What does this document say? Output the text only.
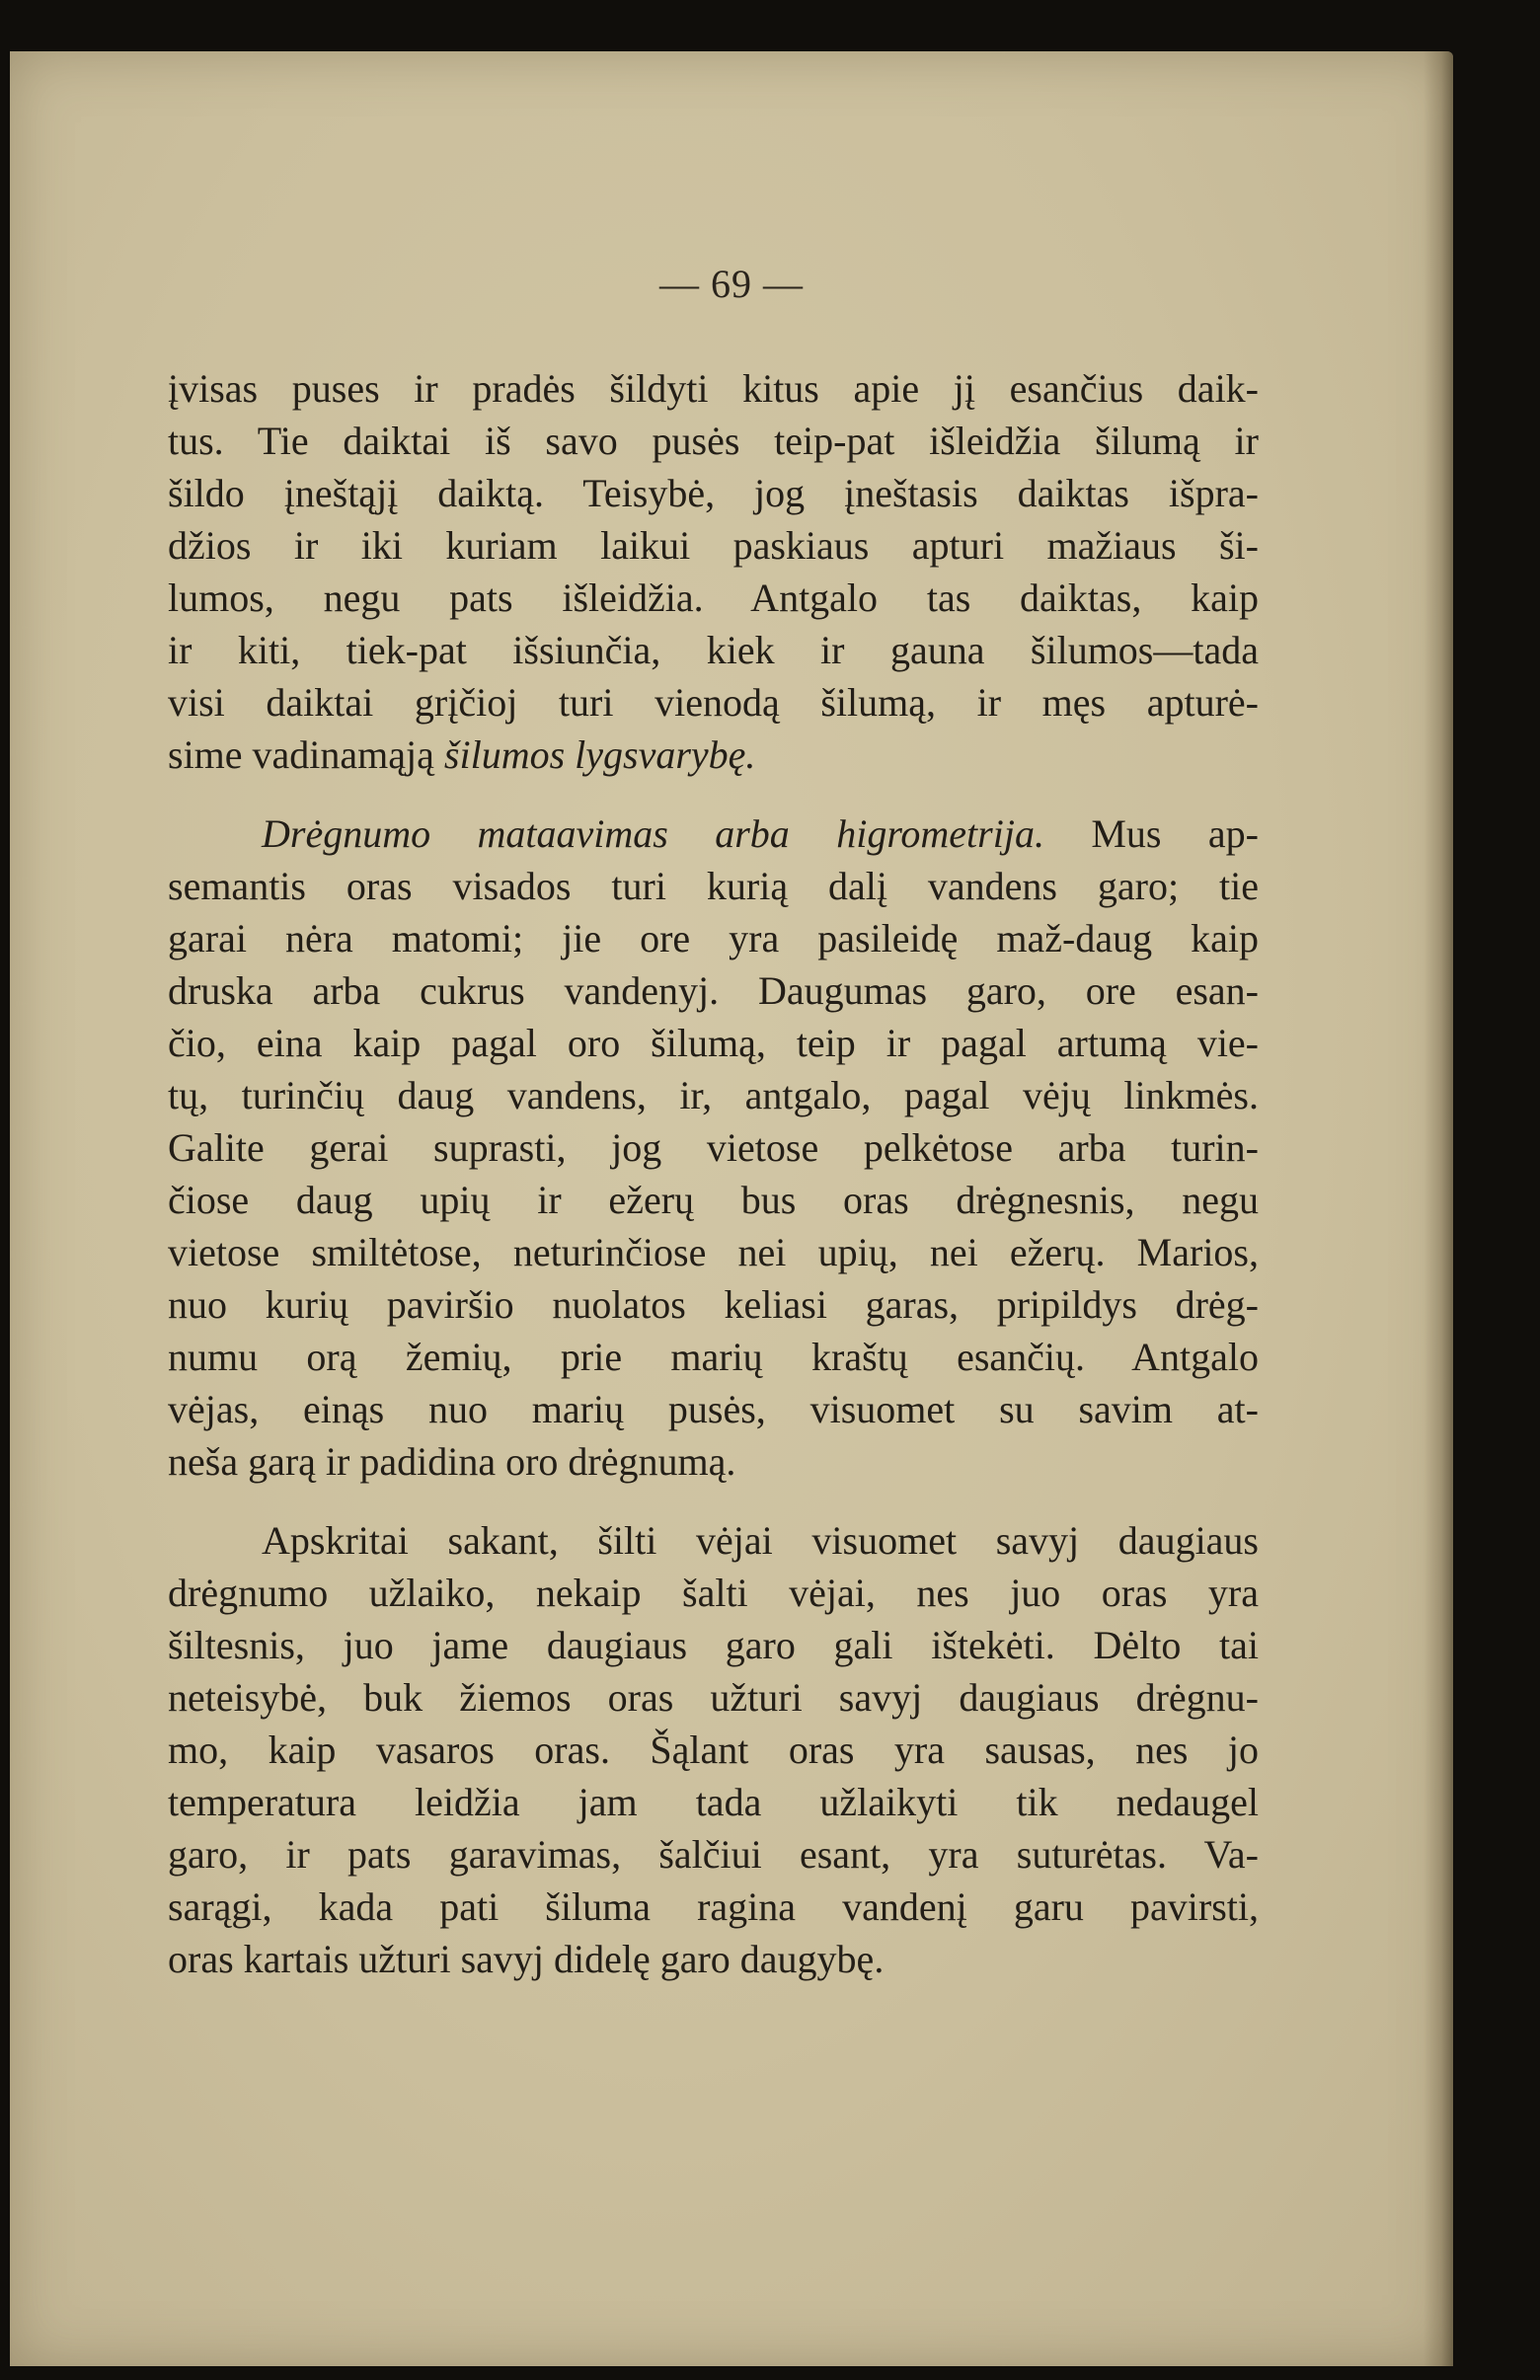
— 69 —
įvisas puses ir pradės šildyti kitus apie jį esančius daik-
tus. Tie daiktai iš savo pusės teip-pat išleidžia šilumą ir
šildo įneštąjį daiktą. Teisybė, jog įneštasis daiktas išpra-
džios ir iki kuriam laikui paskiaus apturi mažiaus ši-
lumos, negu pats išleidžia. Antgalo tas daiktas, kaip
ir kiti, tiek-pat išsiunčia, kiek ir gauna šilumos—tada
visi daiktai grįčioj turi vienodą šilumą, ir męs apturė-
sime vadinamąją šilumos lygsvarybę.
Drėgnumo mataavimas arba higrometrija. Mus ap-
semantis oras visados turi kurią dalį vandens garo; tie
garai nėra matomi; jie ore yra pasileidę maž-daug kaip
druska arba cukrus vandenyj. Daugumas garo, ore esan-
čio, eina kaip pagal oro šilumą, teip ir pagal artumą vie-
tų, turinčių daug vandens, ir, antgalo, pagal vėjų linkmės.
Galite gerai suprasti, jog vietose pelkėtose arba turin-
čiose daug upių ir ežerų bus oras drėgnesnis, negu
vietose smiltėtose, neturinčiose nei upių, nei ežerų. Marios,
nuo kurių paviršio nuolatos keliasi garas, pripildys drėg-
numu orą žemių, prie marių kraštų esančių. Antgalo
vėjas, einąs nuo marių pusės, visuomet su savim at-
neša garą ir padidina oro drėgnumą.
Apskritai sakant, šilti vėjai visuomet savyj daugiaus
drėgnumo užlaiko, nekaip šalti vėjai, nes juo oras yra
šiltesnis, juo jame daugiaus garo gali ištekėti. Dėlto tai
neteisybė, buk žiemos oras užturi savyj daugiaus drėgnu-
mo, kaip vasaros oras. Šąlant oras yra sausas, nes jo
temperatura leidžia jam tada užlaikyti tik nedaugel
garo, ir pats garavimas, šalčiui esant, yra suturėtas. Va-
sarągi, kada pati šiluma ragina vandenį garu pavirsti,
oras kartais užturi savyj didelę garo daugybę.
